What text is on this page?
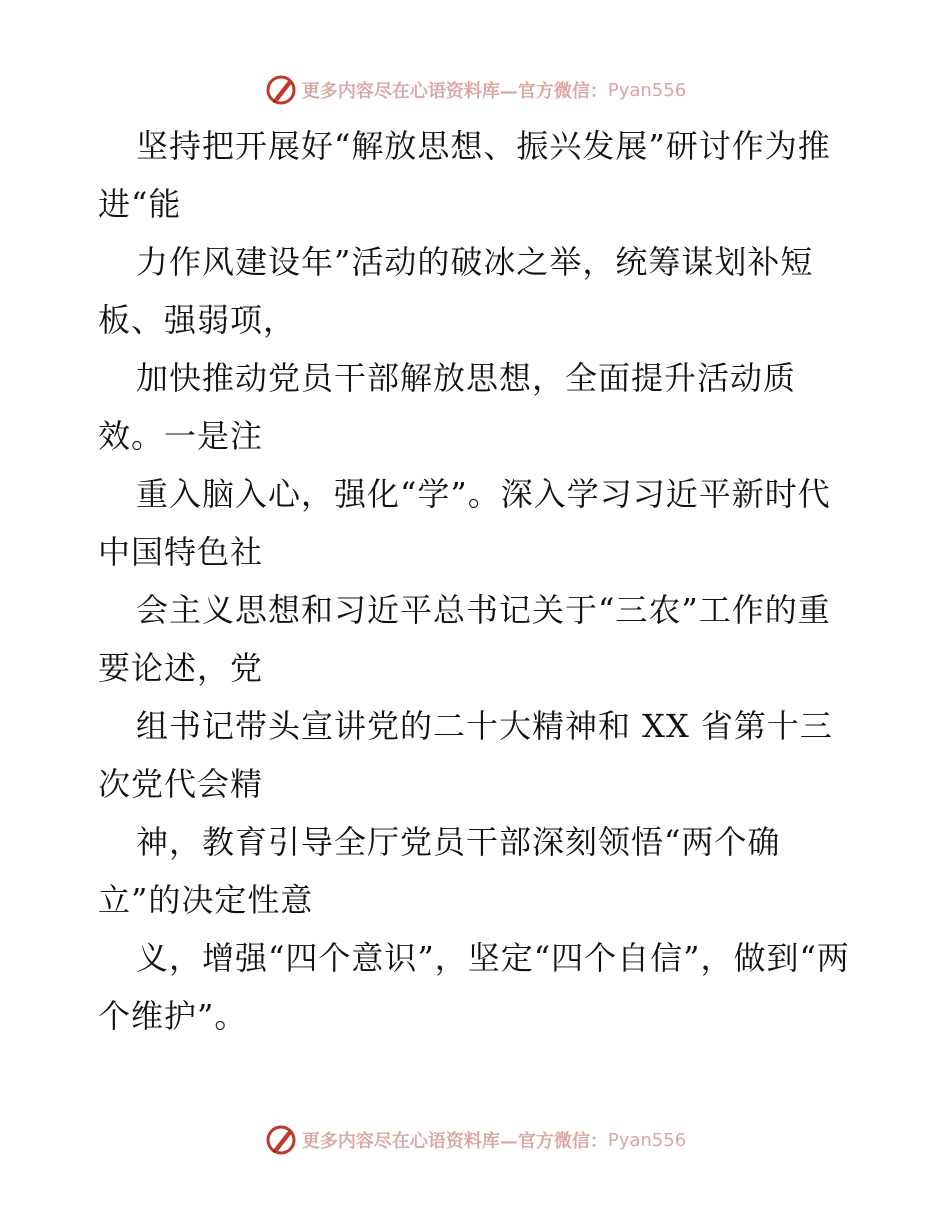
更多内容尽在心语资料库—官方微信： Pyan556

坚持把开展好“解放思想、振兴发展”研讨作为推进“能

力作风建设年”活动的破冰之举，统筹谋划补短板、强弱项，

加快推动党员干部解放思想，全面提升活动质效。一是注

重入脑入心，强化“学”。深入学习习近平新时代中国特色社

会主义思想和习近平总书记关于“三农”工作的重要论述，党

组书记带头宣讲党的二十大精神和 XX 省第十三次党代会精

神，教育引导全厅党员干部深刻领悟“两个确立”的决定性意

义，增强“四个意识”，坚定“四个自信”，做到“两个维护”。

更多内容尽在心语资料库—官方微信： Pyan556
